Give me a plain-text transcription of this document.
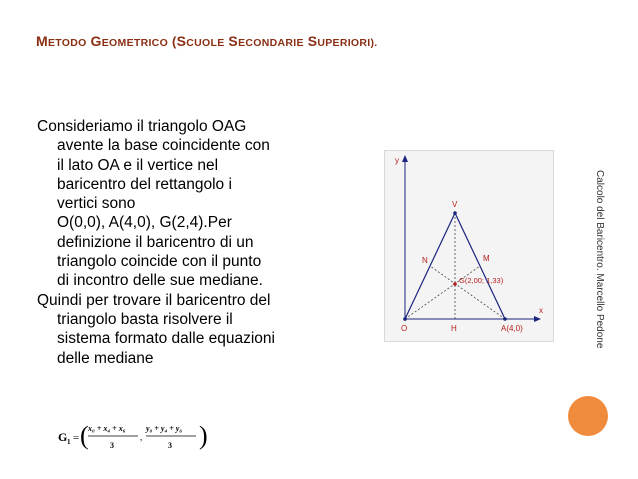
METODO GEOMETRICO (SCUOLE SECONDARIE SUPERIORI).

Consideriamo il triangolo OAG

avente la base coincidente con

il lato OA e il vertice nel

baricentro del rettangolo i

vertici sono

O(0,0), A(4,0), G(2,4).Per

definizione il baricentro di un

triangolo coincide con il punto

di incontro delle sue mediane.

Quindi per trovare il baricentro del

triangolo basta risolvere il

sistema formato dalle equazioni

delle mediane

y
x
V
N	M
G(2,00; 1,33)
O	H	A(4,0)
G 1 = ( x₀ + x₄ + x₆
3
,
y₀ + y₄ + y₆
3 )
Calcolo del Baricentro. Marcello Pedone
